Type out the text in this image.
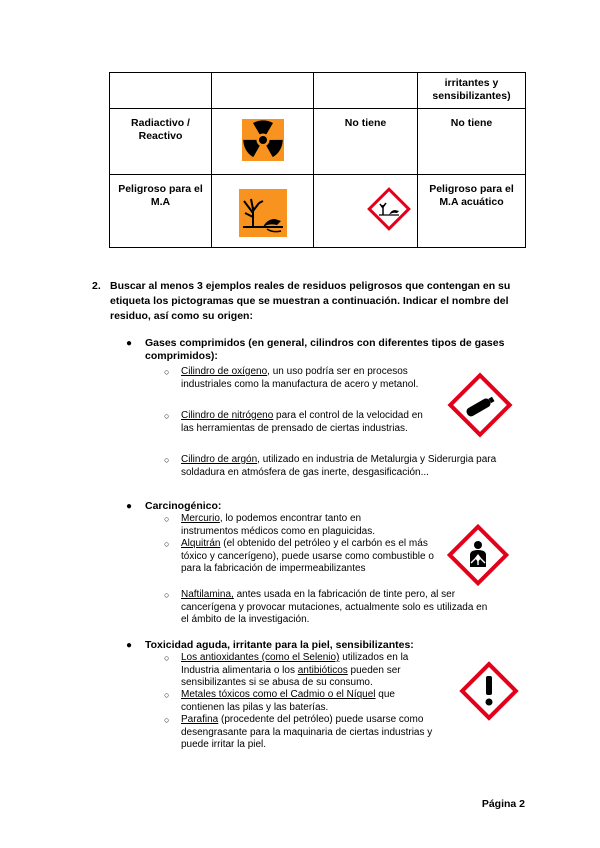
			irritantes y sensibilizantes)

Radiactivo / Reactivo		No tiene	No tiene

Peligroso para el M.A			Peligroso para el M.A acuático
2. Buscar al menos 3 ejemplos reales de residuos peligrosos que contengan en su etiqueta los pictogramas que se muestran a continuación. Indicar el nombre del residuo, así como su origen:
● Gases comprimidos (en general, cilindros con diferentes tipos de gases comprimidos):
○ Cilindro de oxígeno, un uso podría ser en procesos industriales como la manufactura de acero y metanol.
○ Cilindro de nitrógeno para el control de la velocidad en las herramientas de prensado de ciertas industrias.
○ Cilindro de argón, utilizado en industria de Metalurgia y Siderurgia para soldadura en atmósfera de gas inerte, desgasificación...
● Carcinogénico:
○ Mercurio, lo podemos encontrar tanto en instrumentos médicos como en plaguicidas.
○ Alquitrán (el obtenido del petróleo y el carbón es el más tóxico y cancerígeno), puede usarse como combustible o para la fabricación de impermeabilizantes
○ Naftilamina, antes usada en la fabricación de tinte pero, al ser cancerígena y provocar mutaciones, actualmente solo es utilizada en el ámbito de la investigación.
● Toxicidad aguda, irritante para la piel, sensibilizantes:
○ Los antioxidantes (como el Selenio) utilizados en la Industria alimentaria o los antibióticos pueden ser sensibilizantes si se abusa de su consumo.
○ Metales tóxicos como el Cadmio o el Níquel que contienen las pilas y las baterías.
○ Parafina (procedente del petróleo) puede usarse como desengrasante para la maquinaria de ciertas industrias y puede irritar la piel.
Página 2
